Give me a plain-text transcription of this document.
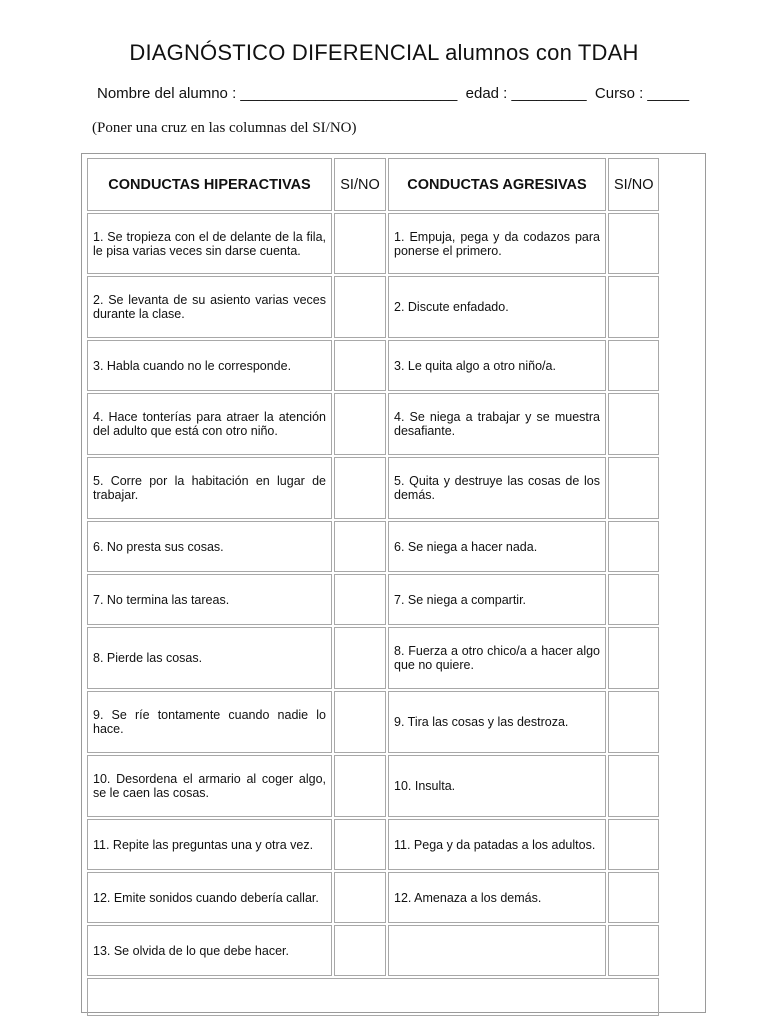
DIAGNÓSTICO DIFERENCIAL alumnos con TDAH
Nombre del alumno : __________________________  edad : _________  Curso : _____
(Poner una cruz en las columnas del SI/NO)
CONDUCTAS HIPERACTIVAS	SI/NO	CONDUCTAS AGRESIVAS	SI/NO
1. Se tropieza con el de delante de la fila, le pisa varias veces sin darse cuenta.		1. Empuja, pega y da codazos para ponerse el primero.	
2. Se levanta de su asiento varias veces durante la clase.		2. Discute enfadado.	
3. Habla cuando no le corresponde.		3. Le quita algo a otro niño/a.	
4. Hace tonterías para atraer la atención del adulto que está con otro niño.		4. Se niega a trabajar y se muestra desafiante.	
5. Corre por la habitación en lugar de trabajar.		5. Quita y destruye las cosas de los demás.	
6. No presta sus cosas.		6. Se niega a hacer nada.	
7. No termina las tareas.		7. Se niega a compartir.	
8. Pierde las cosas.		8. Fuerza a otro chico/a a hacer algo que no quiere.	
9. Se ríe tontamente cuando nadie lo hace.		9. Tira las cosas y las destroza.	
10. Desordena el armario al coger algo, se le caen las cosas.		10. Insulta.	
11. Repite las preguntas una y otra vez.		11. Pega y da patadas a los adultos.	
12. Emite sonidos cuando debería callar.		12. Amenaza a los demás.	
13. Se olvida de lo que debe hacer.			
